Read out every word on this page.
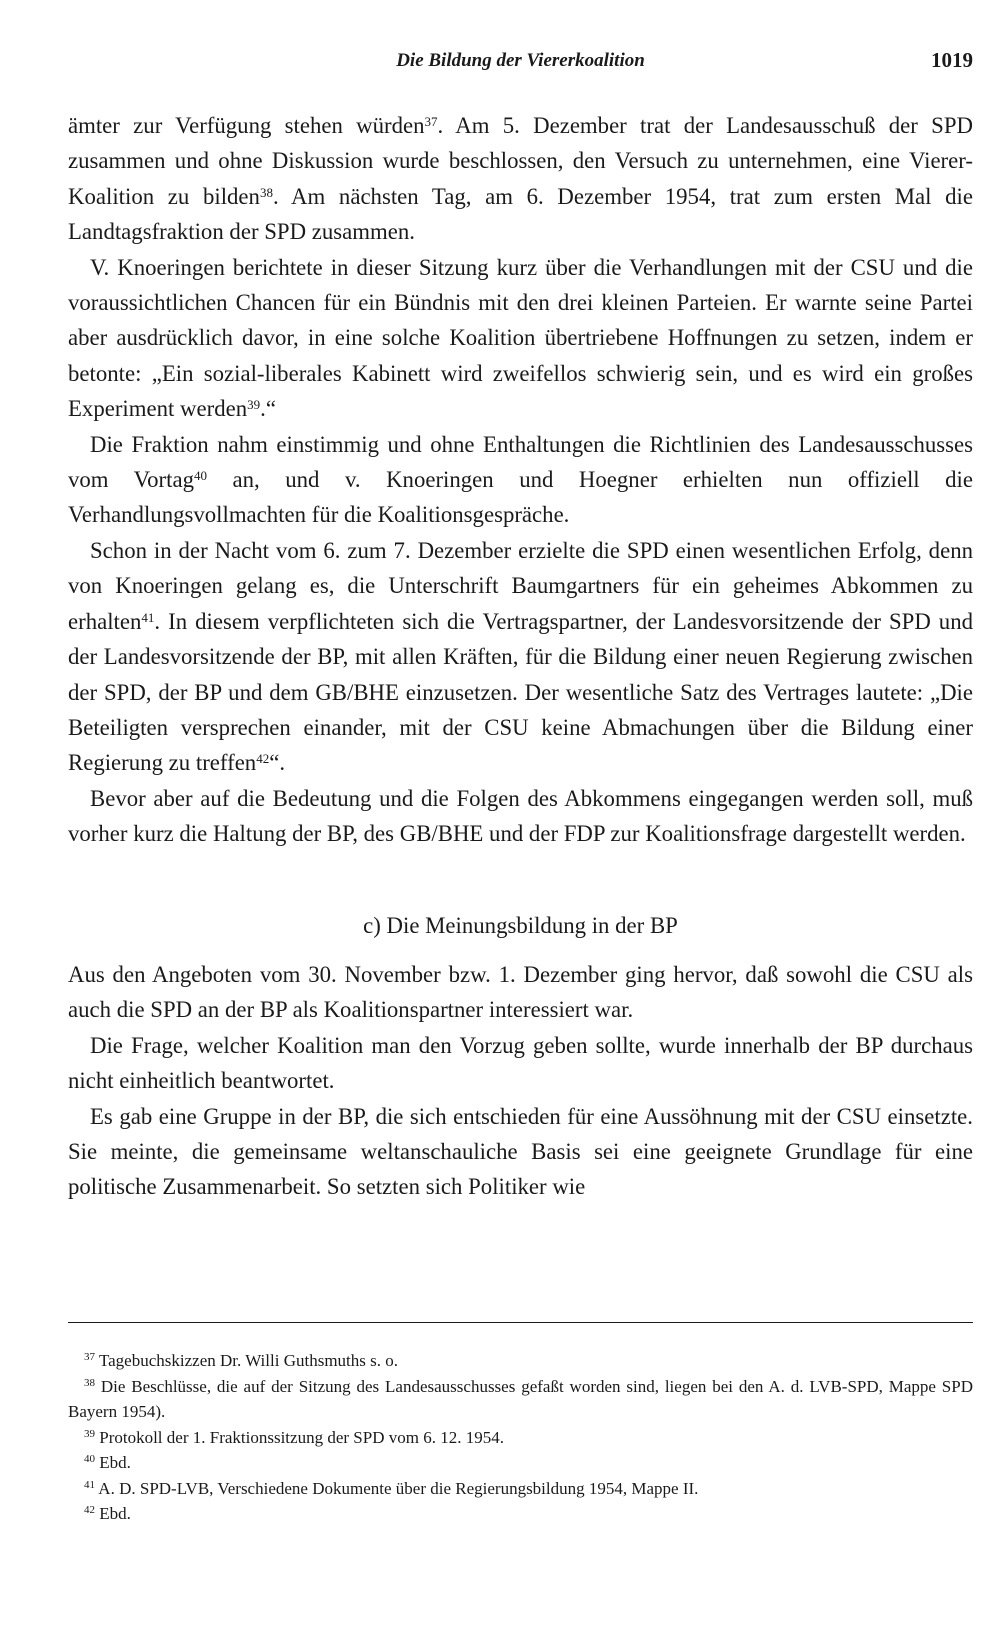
Die Bildung der Viererkoalition	1019

ämter zur Verfügung stehen würden$^{37}$. Am 5. Dezember trat der Landesausschuß der SPD zusammen und ohne Diskussion wurde beschlossen, den Versuch zu unternehmen, eine Vierer-Koalition zu bilden$^{38}$. Am nächsten Tag, am 6. Dezember 1954, trat zum ersten Mal die Landtagsfraktion der SPD zusammen.

V. Knoeringen berichtete in dieser Sitzung kurz über die Verhandlungen mit der CSU und die voraussichtlichen Chancen für ein Bündnis mit den drei kleinen Parteien. Er warnte seine Partei aber ausdrücklich davor, in eine solche Koalition übertriebene Hoffnungen zu setzen, indem er betonte: „Ein sozial-liberales Kabinett wird zweifellos schwierig sein, und es wird ein großes Experiment werden$^{39}$.“

Die Fraktion nahm einstimmig und ohne Enthaltungen die Richtlinien des Landesausschusses vom Vortag$^{40}$ an, und v. Knoeringen und Hoegner erhielten nun offiziell die Verhandlungsvollmachten für die Koalitionsgespräche.

Schon in der Nacht vom 6. zum 7. Dezember erzielte die SPD einen wesentlichen Erfolg, denn von Knoeringen gelang es, die Unterschrift Baumgartners für ein geheimes Abkommen zu erhalten$^{41}$. In diesem verpflichteten sich die Vertragspartner, der Landesvorsitzende der SPD und der Landesvorsitzende der BP, mit allen Kräften, für die Bildung einer neuen Regierung zwischen der SPD, der BP und dem GB/BHE einzusetzen. Der wesentliche Satz des Vertrages lautete: „Die Beteiligten versprechen einander, mit der CSU keine Abmachungen über die Bildung einer Regierung zu treffen$^{42}$“.

Bevor aber auf die Bedeutung und die Folgen des Abkommens eingegangen werden soll, muß vorher kurz die Haltung der BP, des GB/BHE und der FDP zur Koalitionsfrage dargestellt werden.

c) Die Meinungsbildung in der BP

Aus den Angeboten vom 30. November bzw. 1. Dezember ging hervor, daß sowohl die CSU als auch die SPD an der BP als Koalitionspartner interessiert war.

Die Frage, welcher Koalition man den Vorzug geben sollte, wurde innerhalb der BP durchaus nicht einheitlich beantwortet.

Es gab eine Gruppe in der BP, die sich entschieden für eine Aussöhnung mit der CSU einsetzte. Sie meinte, die gemeinsame weltanschauliche Basis sei eine geeignete Grundlage für eine politische Zusammenarbeit. So setzten sich Politiker wie

$^{37}$ Tagebuchskizzen Dr. Willi Guthsmuths s. o.

$^{38}$ Die Beschlüsse, die auf der Sitzung des Landesausschusses gefaßt worden sind, liegen bei den A. d. LVB-SPD, Mappe SPD Bayern 1954).

$^{39}$ Protokoll der 1. Fraktionssitzung der SPD vom 6. 12. 1954.

$^{40}$ Ebd.

$^{41}$ A. D. SPD-LVB, Verschiedene Dokumente über die Regierungsbildung 1954, Mappe II.

$^{42}$ Ebd.
